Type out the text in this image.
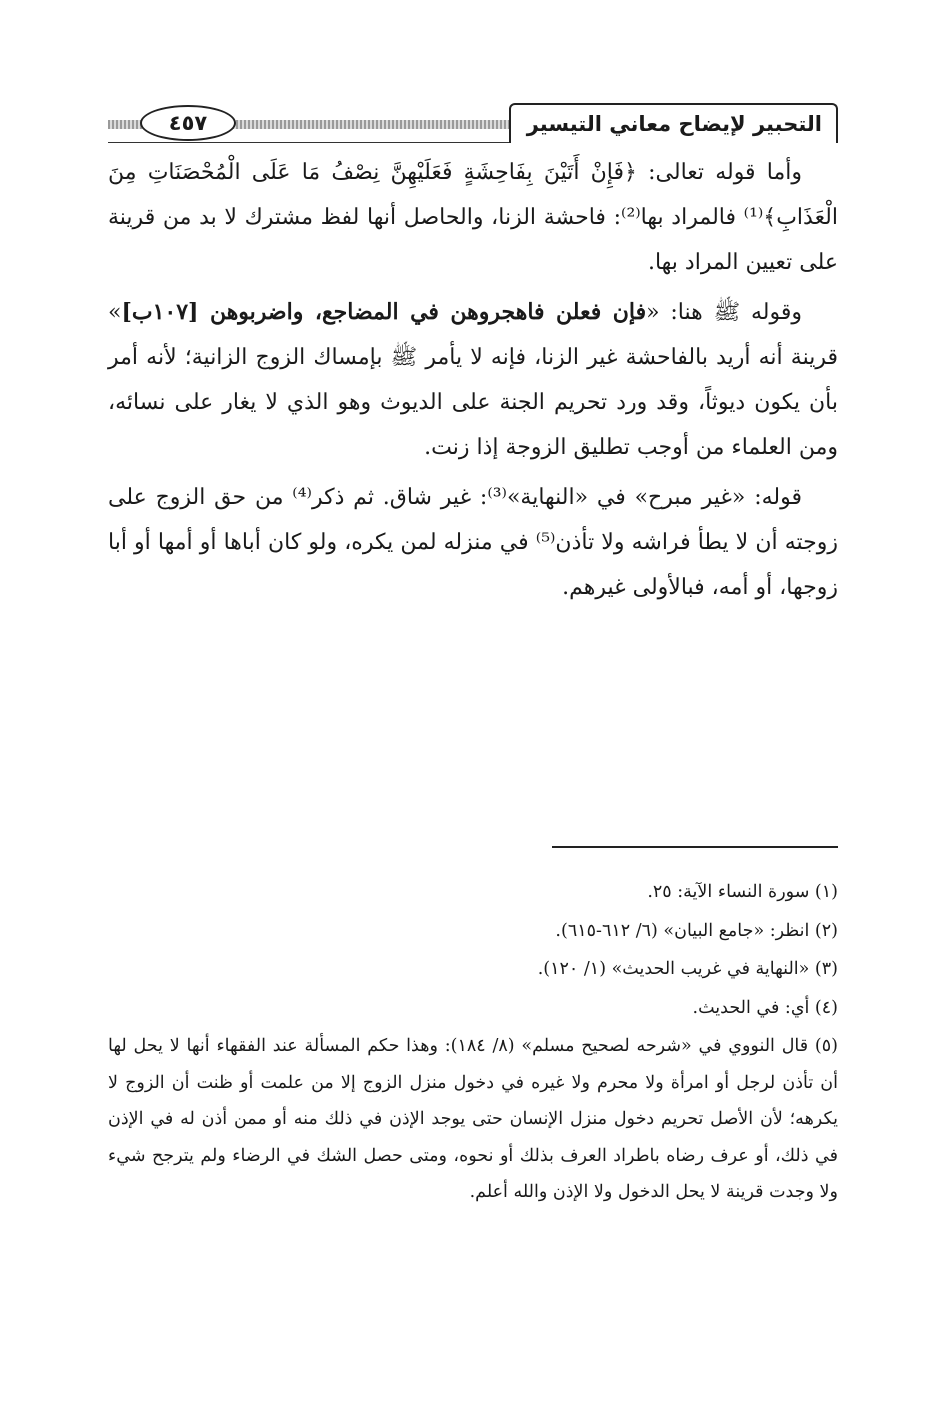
التحبير لإيضاح معاني التيسير
٤٥٧

وأما قوله تعالى: ﴿فَإِنْ أَتَيْنَ بِفَاحِشَةٍ فَعَلَيْهِنَّ نِصْفُ مَا عَلَى الْمُحْصَنَاتِ مِنَ الْعَذَابِ﴾⁽¹⁾ فالمراد بها⁽²⁾: فاحشة الزنا، والحاصل أنها لفظ مشترك لا بد من قرينة على تعيين المراد بها.

وقوله ﷺ هنا: «فإن فعلن فاهجروهن في المضاجع، واضربوهن [١٠٧ب]» قرينة أنه أريد بالفاحشة غير الزنا، فإنه لا يأمر ﷺ بإمساك الزوج الزانية؛ لأنه أمر بأن يكون ديوثاً، وقد ورد تحريم الجنة على الديوث وهو الذي لا يغار على نسائه، ومن العلماء من أوجب تطليق الزوجة إذا زنت.

قوله: «غير مبرح» في «النهاية»⁽³⁾: غير شاق. ثم ذكر⁽⁴⁾ من حق الزوج على زوجته أن لا يطأ فراشه ولا تأذن⁽⁵⁾ في منزله لمن يكره، ولو كان أباها أو أمها أو أبا زوجها، أو أمه، فبالأولى غيرهم.

(١) سورة النساء الآية: ٢٥.

(٢) انظر: «جامع البيان» (٦/ ٦١٢-٦١٥).

(٣) «النهاية في غريب الحديث» (١/ ١٢٠).

(٤) أي: في الحديث.

(٥) قال النووي في «شرحه لصحيح مسلم» (٨/ ١٨٤): وهذا حكم المسألة عند الفقهاء أنها لا يحل لها أن تأذن لرجل أو امرأة ولا محرم ولا غيره في دخول منزل الزوج إلا من علمت أو ظنت أن الزوج لا يكرهه؛ لأن الأصل تحريم دخول منزل الإنسان حتى يوجد الإذن في ذلك منه أو ممن أذن له في الإذن في ذلك، أو عرف رضاه باطراد العرف بذلك أو نحوه، ومتى حصل الشك في الرضاء ولم يترجح شيء ولا وجدت قرينة لا يحل الدخول ولا الإذن والله أعلم.
